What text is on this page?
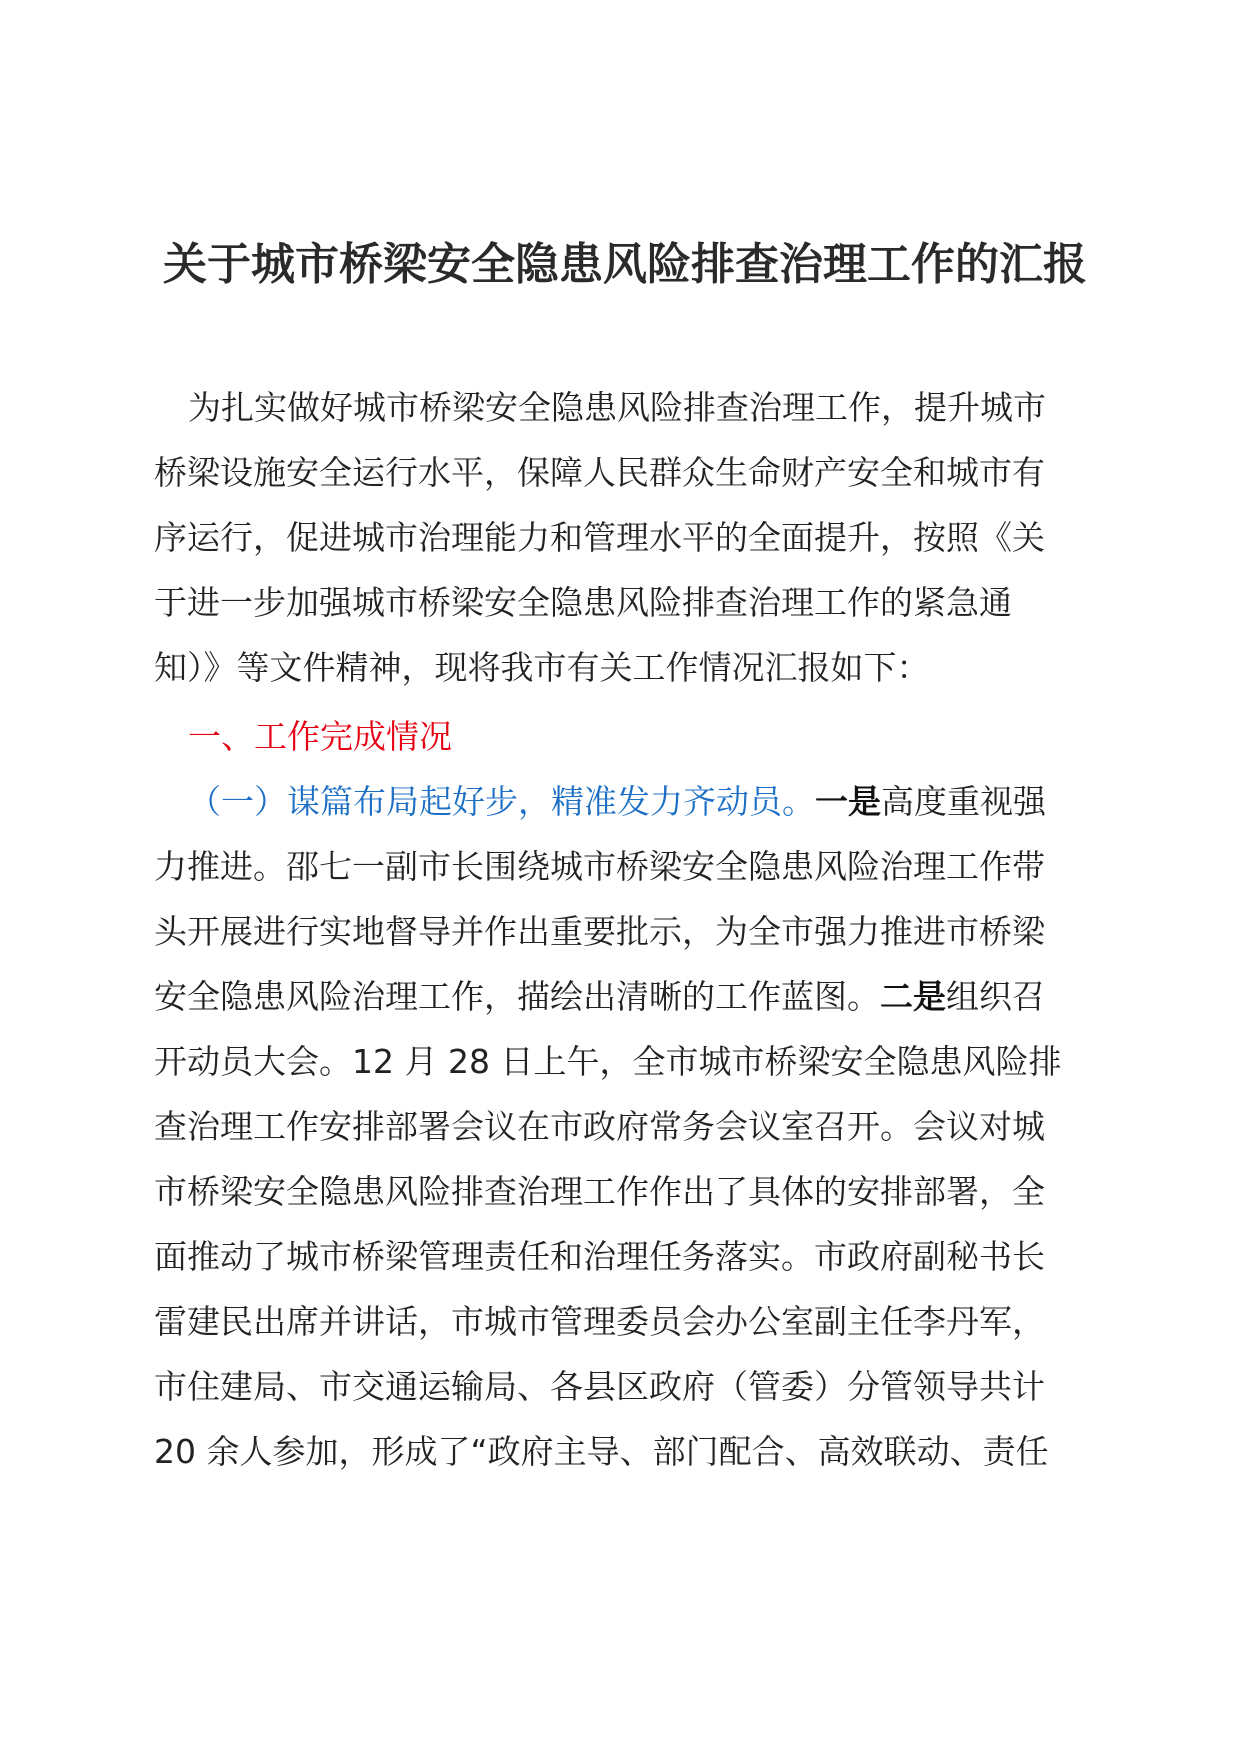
关于城市桥梁安全隐患风险排查治理工作的汇报

为扎实做好城市桥梁安全隐患风险排查治理工作，提升城市桥梁设施安全运行水平，保障人民群众生命财产安全和城市有序运行，促进城市治理能力和管理水平的全面提升，按照《关于进一步加强城市桥梁安全隐患风险排查治理工作的紧急通知）》等文件精神，现将我市有关工作情况汇报如下：

一、工作完成情况

（一）谋篇布局起好步，精准发力齐动员。一是高度重视强力推进。邵七一副市长围绕城市桥梁安全隐患风险治理工作带头开展进行实地督导并作出重要批示，为全市强力推进市桥梁安全隐患风险治理工作，描绘出清晰的工作蓝图。二是组织召开动员大会。12 月 28 日上午，全市城市桥梁安全隐患风险排查治理工作安排部署会议在市政府常务会议室召开。会议对城市桥梁安全隐患风险排查治理工作作出了具体的安排部署，全面推动了城市桥梁管理责任和治理任务落实。市政府副秘书长雷建民出席并讲话，市城市管理委员会办公室副主任李丹军，市住建局、市交通运输局、各县区政府（管委）分管领导共计 20 余人参加，形成了“政府主导、部门配合、高效联动、责任
